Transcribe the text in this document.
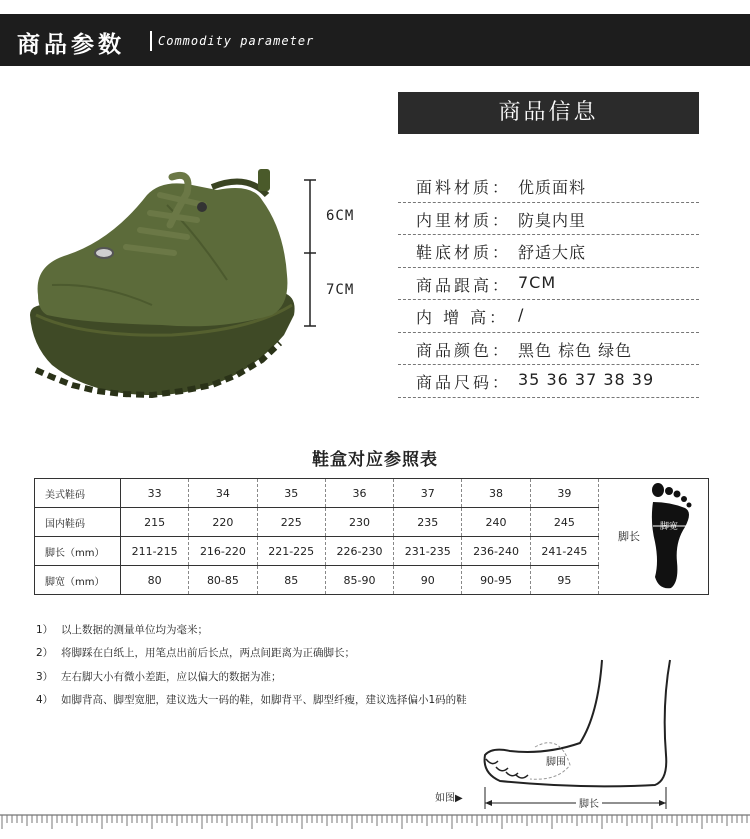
商品参数	Commodity parameter
6CM
7CM
商品信息
面料材质： 优质面料
内里材质： 防臭内里
鞋底材质： 舒适大底
商品跟高： 7CM
内 增 高： /
商品颜色： 黑色 棕色 绿色
商品尺码： 35 36 37 38 39
鞋盒对应参照表
美式鞋码	33	34	35	36	37	38	39
国内鞋码	215	220	225	230	235	240	245
脚长（mm）	211-215	216-220	221-225	226-230	231-235	236-240	241-245
脚宽（mm）	80	80-85	85	85-90	90	90-95	95
脚长
脚宽
1） 以上数据的测量单位均为毫米；
2） 将脚踩在白纸上，用笔点出前后长点，两点间距离为正确脚长；
3） 左右脚大小有微小差距，应以偏大的数据为准；
4） 如脚背高、脚型宽肥，建议选大一码的鞋，如脚背平、脚型纤瘦，建议选择偏小1码的鞋
脚围
脚长
如图▶
